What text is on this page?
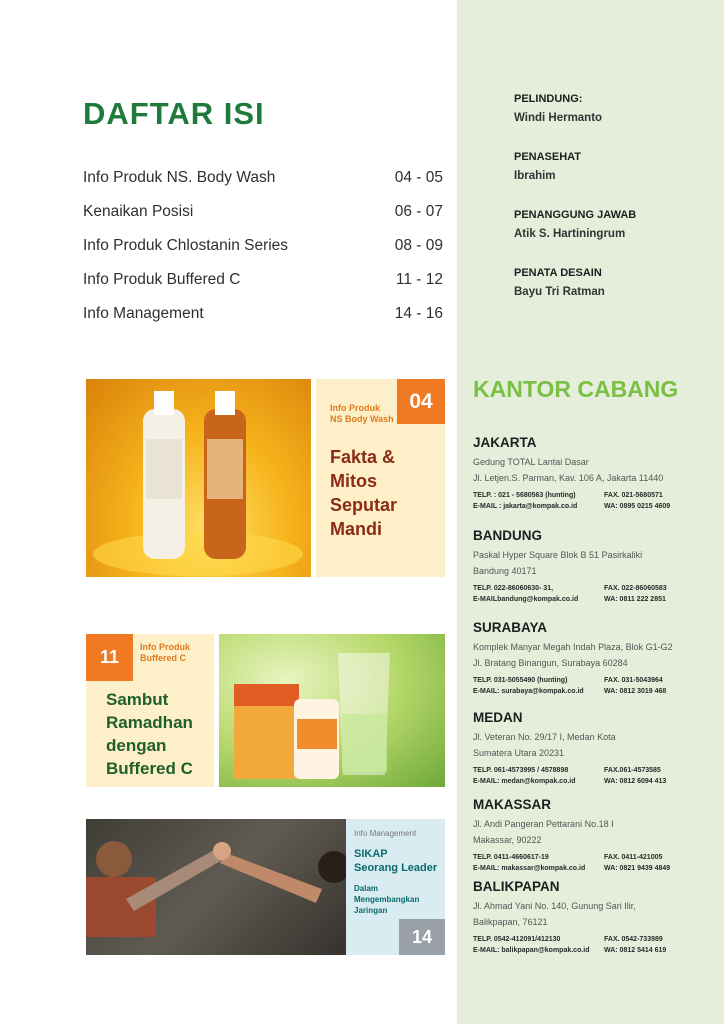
DAFTAR ISI
Info Produk NS. Body Wash	04 - 05
Kenaikan Posisi	06 - 07
Info Produk Chlostanin Series	08 - 09
Info Produk Buffered C	11 - 12
Info Management	14 - 16
04
Info Produk
NS Body Wash
Fakta &
Mitos
Seputar
Mandi
11	Info Produk
Buffered C
Sambut
Ramadhan
dengan
Buffered C
Info Management
SIKAP
Seorang Leader
Dalam
Mengembangkan
Jaringan
14
PELINDUNG:
Windi Hermanto
PENASEHAT
Ibrahim
PENANGGUNG JAWAB
Atik S. Hartiningrum
PENATA DESAIN
Bayu Tri Ratman
KANTOR CABANG
JAKARTA
Gedung TOTAL Lantai Dasar
Jl. Letjen.S. Parman, Kav. 106 A, Jakarta 11440
TELP. : 021 - 5680563 (hunting)	FAX. 021-5680571
E-MAIL : jakarta@kompak.co.id	WA: 0895 0215 4609
BANDUNG
Paskal Hyper Square Blok B 51 Pasirkaliki
Bandung 40171
TELP. 022-86060630- 31,	FAX. 022-86060583
E-MAILbandung@kompak.co.id	WA: 0811 222 2851
SURABAYA
Komplek Manyar Megah Indah Plaza, Blok G1-G2
Jl. Bratang Binangun, Surabaya 60284
TELP. 031-5055490 (hunting)	FAX. 031-5043964
E-MAIL: surabaya@kompak.co.id	WA: 0812 3019 468
MEDAN
Jl. Veteran No. 29/17 I, Medan Kota
Sumatera Utara 20231
TELP. 061-4573995 / 4578898	FAX.061-4573585
E-MAIL: medan@kompak.co.id	WA: 0812 6094 413
MAKASSAR
Jl. Andi Pangeran Pettarani No.18 I
Makassar, 90222
TELP. 0411-4660617-19	FAX. 0411-421005
E-MAIL: makassar@kompak.co.id	WA: 0821 9439 4849
BALIKPAPAN
Jl. Ahmad Yani No. 140, Gunung Sari Ilir,
Balikpapan, 76121
TELP. 0542-412091/412130	FAX. 0542-733989
E-MAIL: balikpapan@kompak.co.id WA: 0812 5414 619
